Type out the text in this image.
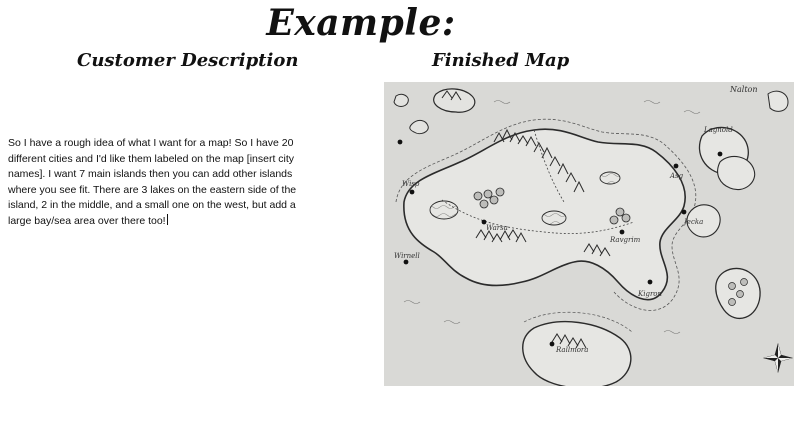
Example:
Customer Description	Finished Map
So I have a rough idea of what I want for a map! So I have 20 different cities and I'd like them labeled on the map [insert city names]. I want 7 main islands then you can add other islands where you see fit. There are 3 lakes on the eastern side of the island, 2 in the middle, and a small one on the west, but add a large bay/sea area over there too!
Wisp
Lagnold
Warsa
Ravgrim
Jecka
Rallmora
Kigron
Wirnell
Asg
Nalton
